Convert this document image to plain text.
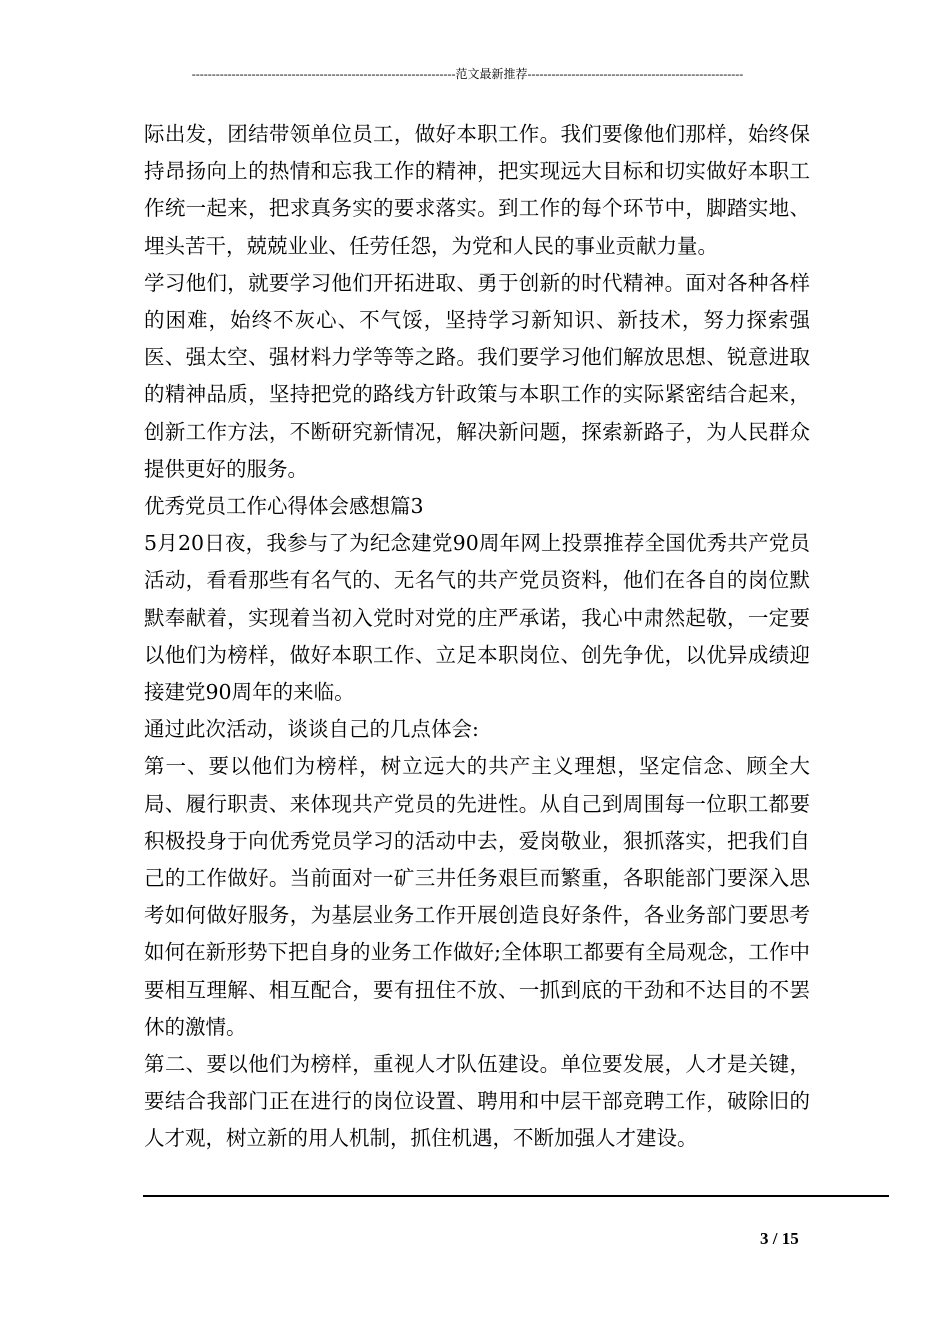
------------------------------------------------------------------范文最新推荐------------------------------------------------------

际出发，团结带领单位员工，做好本职工作。我们要像他们那样，始终保持昂扬向上的热情和忘我工作的精神，把实现远大目标和切实做好本职工作统一起来，把求真务实的要求落实。到工作的每个环节中，脚踏实地、埋头苦干，兢兢业业、任劳任怨，为党和人民的事业贡献力量。

学习他们，就要学习他们开拓进取、勇于创新的时代精神。面对各种各样的困难，始终不灰心、不气馁，坚持学习新知识、新技术，努力探索强医、强太空、强材料力学等等之路。我们要学习他们解放思想、锐意进取的精神品质，坚持把党的路线方针政策与本职工作的实际紧密结合起来，创新工作方法，不断研究新情况，解决新问题，探索新路子，为人民群众提供更好的服务。

优秀党员工作心得体会感想篇3

5月20日夜，我参与了为纪念建党90周年网上投票推荐全国优秀共产党员活动，看看那些有名气的、无名气的共产党员资料，他们在各自的岗位默默奉献着，实现着当初入党时对党的庄严承诺，我心中肃然起敬，一定要以他们为榜样，做好本职工作、立足本职岗位、创先争优，以优异成绩迎接建党90周年的来临。

通过此次活动，谈谈自己的几点体会:

第一、要以他们为榜样，树立远大的共产主义理想，坚定信念、顾全大局、履行职责、来体现共产党员的先进性。从自己到周围每一位职工都要积极投身于向优秀党员学习的活动中去，爱岗敬业，狠抓落实，把我们自己的工作做好。当前面对一矿三井任务艰巨而繁重，各职能部门要深入思考如何做好服务，为基层业务工作开展创造良好条件，各业务部门要思考如何在新形势下把自身的业务工作做好;全体职工都要有全局观念，工作中要相互理解、相互配合，要有扭住不放、一抓到底的干劲和不达目的不罢休的激情。

第二、要以他们为榜样，重视人才队伍建设。单位要发展，人才是关键，要结合我部门正在进行的岗位设置、聘用和中层干部竞聘工作，破除旧的人才观，树立新的用人机制，抓住机遇，不断加强人才建设。

3 / 15
